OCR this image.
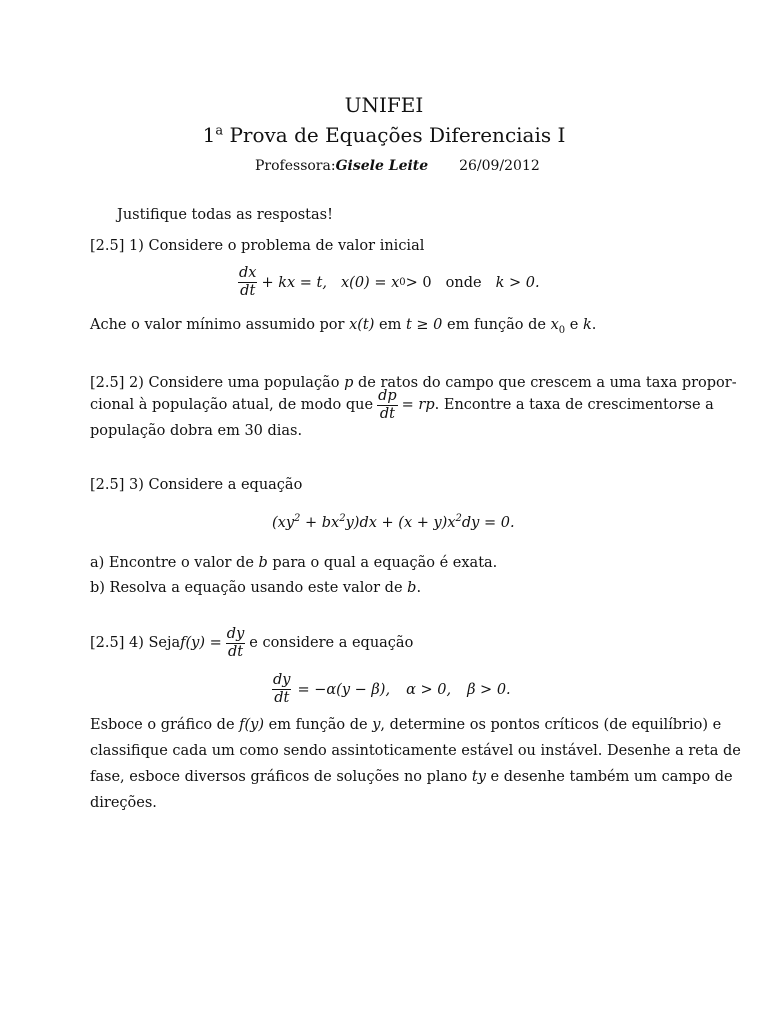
UNIFEI
1$^a$ Prova de Equações Diferenciais I
Professora:Gisele Leite 26/09/2012
Justifique todas as respostas!
[2.5] 1) Considere o problema de valor inicial
$\frac{dx}{dt}$ + kx = t, x(0) = x 0 > 0 onde k > 0.
Ache o valor mínimo assumido por x(t) em t ≥ 0 em função de $x_0$ e k.
[2.5] 2) Considere uma população p de ratos do campo que crescem a uma taxa propor-
cional à população atual, de modo que $\frac{dp}{dt}$ = rp . Encontre a taxa de crescimento r se a
população dobra em 30 dias.
[2.5] 3) Considere a equação
$(xy^2 + bx^2y)dx + (x + y)x^2dy = 0$.
a) Encontre o valor de b para o qual a equação é exata.
b) Resolva a equação usando este valor de b.
[2.5] 4) Seja $f(y) = \frac{dy}{dt}$ e considere a equação
$\frac{dy}{dt} = -\alpha(y - \beta)$, α > 0, β > 0.
Esboce o gráfico de f(y) em função de y, determine os pontos críticos (de equilíbrio) e
classifique cada um como sendo assintoticamente estável ou instável. Desenhe a reta de
fase, esboce diversos gráficos de soluções no plano ty e desenhe também um campo de
direções.
